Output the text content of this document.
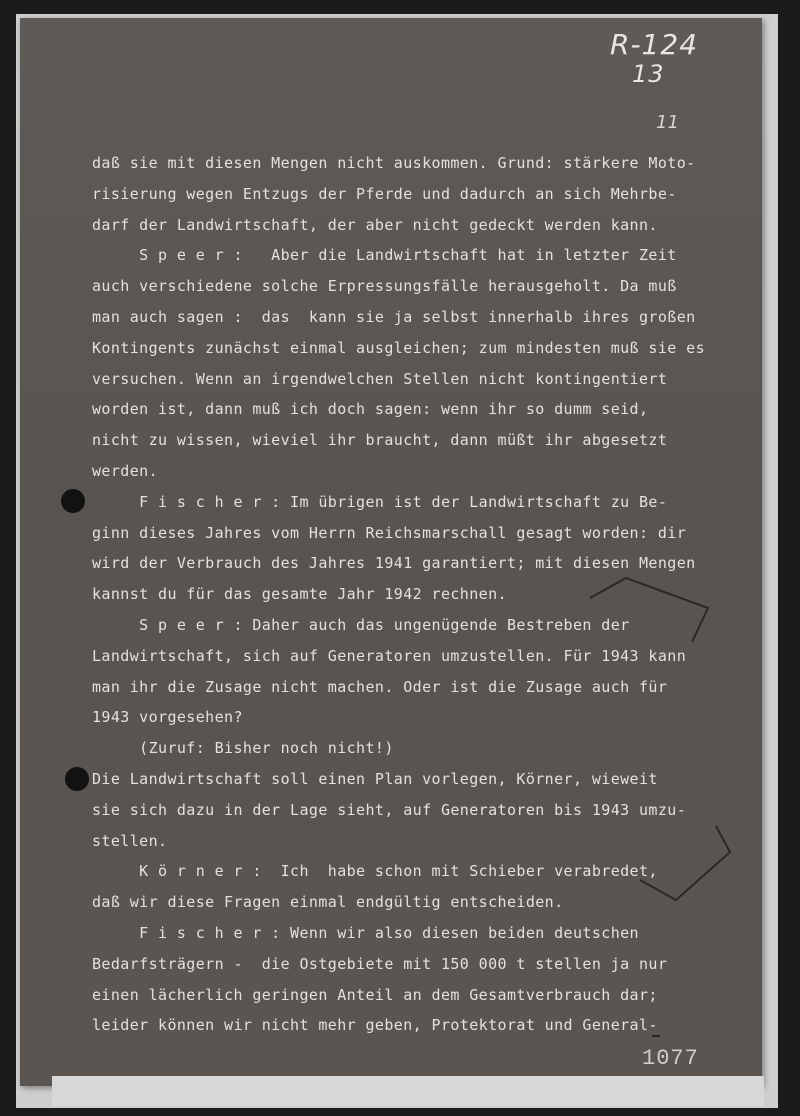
R-124
13
11
daß sie mit diesen Mengen nicht auskommen. Grund: stärkere Moto-
risierung wegen Entzugs der Pferde und dadurch an sich Mehrbe-
darf der Landwirtschaft, der aber nicht gedeckt werden kann.
S p e e r :   Aber die Landwirtschaft hat in letzter Zeit
auch verschiedene solche Erpressungsfälle herausgeholt. Da muß
man auch sagen :  das  kann sie ja selbst innerhalb ihres großen
Kontingents zunächst einmal ausgleichen; zum mindesten muß sie es
versuchen. Wenn an irgendwelchen Stellen nicht kontingentiert
worden ist, dann muß ich doch sagen: wenn ihr so dumm seid,
nicht zu wissen, wieviel ihr braucht, dann müßt ihr abgesetzt
werden.
F i s c h e r : Im übrigen ist der Landwirtschaft zu Be-
ginn dieses Jahres vom Herrn Reichsmarschall gesagt worden: dir
wird der Verbrauch des Jahres 1941 garantiert; mit diesen Mengen
kannst du für das gesamte Jahr 1942 rechnen.
S p e e r : Daher auch das ungenügende Bestreben der
Landwirtschaft, sich auf Generatoren umzustellen. Für 1943 kann
man ihr die Zusage nicht machen. Oder ist die Zusage auch für
1943 vorgesehen?
(Zuruf: Bisher noch nicht!)
Die Landwirtschaft soll einen Plan vorlegen, Körner, wieweit
sie sich dazu in der Lage sieht, auf Generatoren bis 1943 umzu-
stellen.
K ö r n e r :  Ich  habe schon mit Schieber verabredet,
daß wir diese Fragen einmal endgültig entscheiden.
F i s c h e r : Wenn wir also diesen beiden deutschen
Bedarfsträgern -  die Ostgebiete mit 150 000 t stellen ja nur
einen lächerlich geringen Anteil an dem Gesamtverbrauch dar;
leider können wir nicht mehr geben, Protektorat und General-
1077
